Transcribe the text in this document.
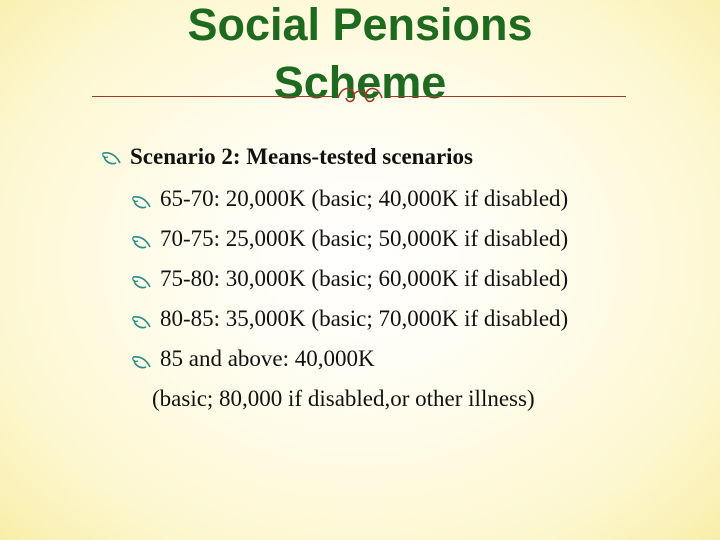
Social Pensions
Scheme
Scenario 2: Means-tested scenarios
65-70: 20,000K (basic; 40,000K if disabled)
70-75: 25,000K (basic; 50,000K if disabled)
75-80: 30,000K (basic; 60,000K if disabled)
80-85: 35,000K (basic; 70,000K if disabled)
85 and above: 40,000K
(basic; 80,000 if disabled,or other illness)
